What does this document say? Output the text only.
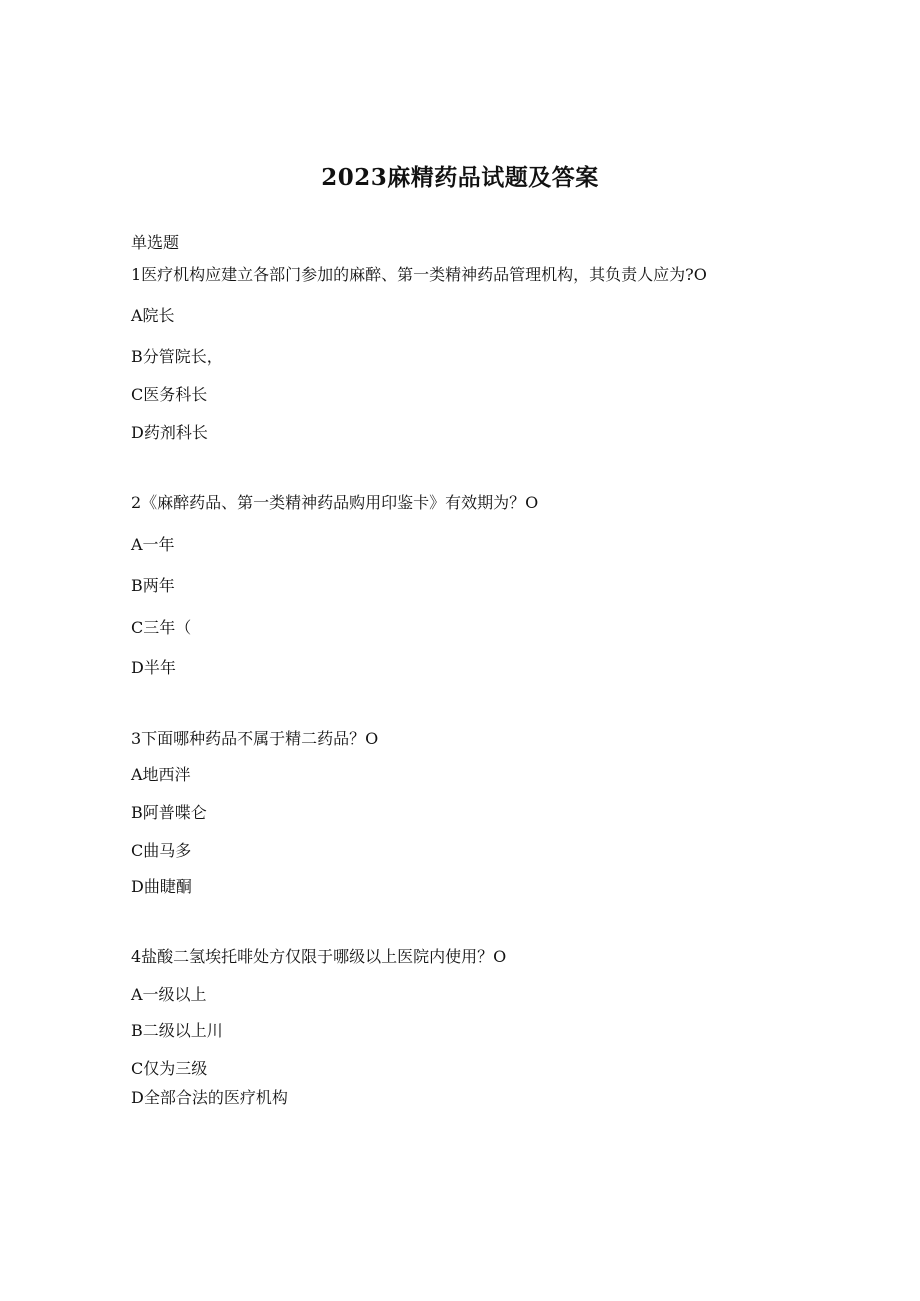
2023麻精药品试题及答案
单选题
1医疗机构应建立各部门参加的麻醉、第一类精神药品管理机构，其负责人应为?O
A院长
B分管院长，
C医务科长
D药剂科长
2《麻醉药品、第一类精神药品购用印鉴卡》有效期为？O
A一年
B两年
C三年（
D半年
3下面哪种药品不属于精二药品？O
A地西泮
B阿普喋仑
C曲马多
D曲睫酮
4盐酸二氢埃托啡处方仅限于哪级以上医院内使用？O
A一级以上
B二级以上川
C仅为三级
D全部合法的医疗机构
